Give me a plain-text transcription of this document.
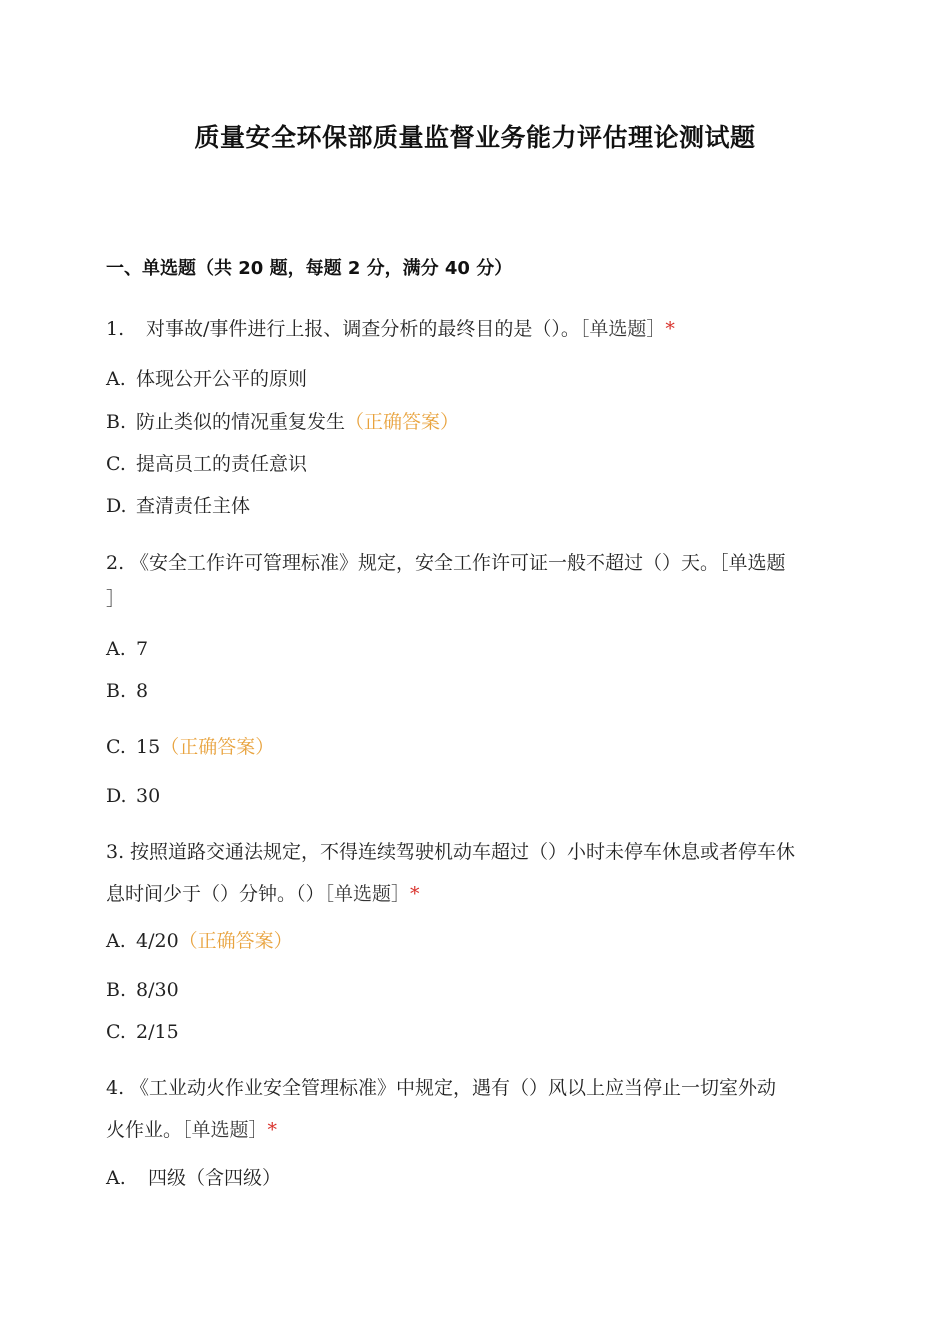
质量安全环保部质量监督业务能力评估理论测试题
一、单选题（共 20 题，每题 2 分，满分 40 分）
1. 对事故/事件进行上报、调查分析的最终目的是（）。［单选题］*
A. 体现公开公平的原则
B. 防止类似的情况重复发生（正确答案）
C. 提高员工的责任意识
D. 查清责任主体
2. 《安全工作许可管理标准》规定，安全工作许可证一般不超过（）天。［单选题
］
A. 7
B. 8
C. 15（正确答案）
D. 30
3. 按照道路交通法规定，不得连续驾驶机动车超过（）小时未停车休息或者停车休
息时间少于（）分钟。（）［单选题］*
A. 4/20（正确答案）
B. 8/30
C. 2/15
4. 《工业动火作业安全管理标准》中规定，遇有（）风以上应当停止一切室外动
火作业。［单选题］*
A. 四级（含四级）
